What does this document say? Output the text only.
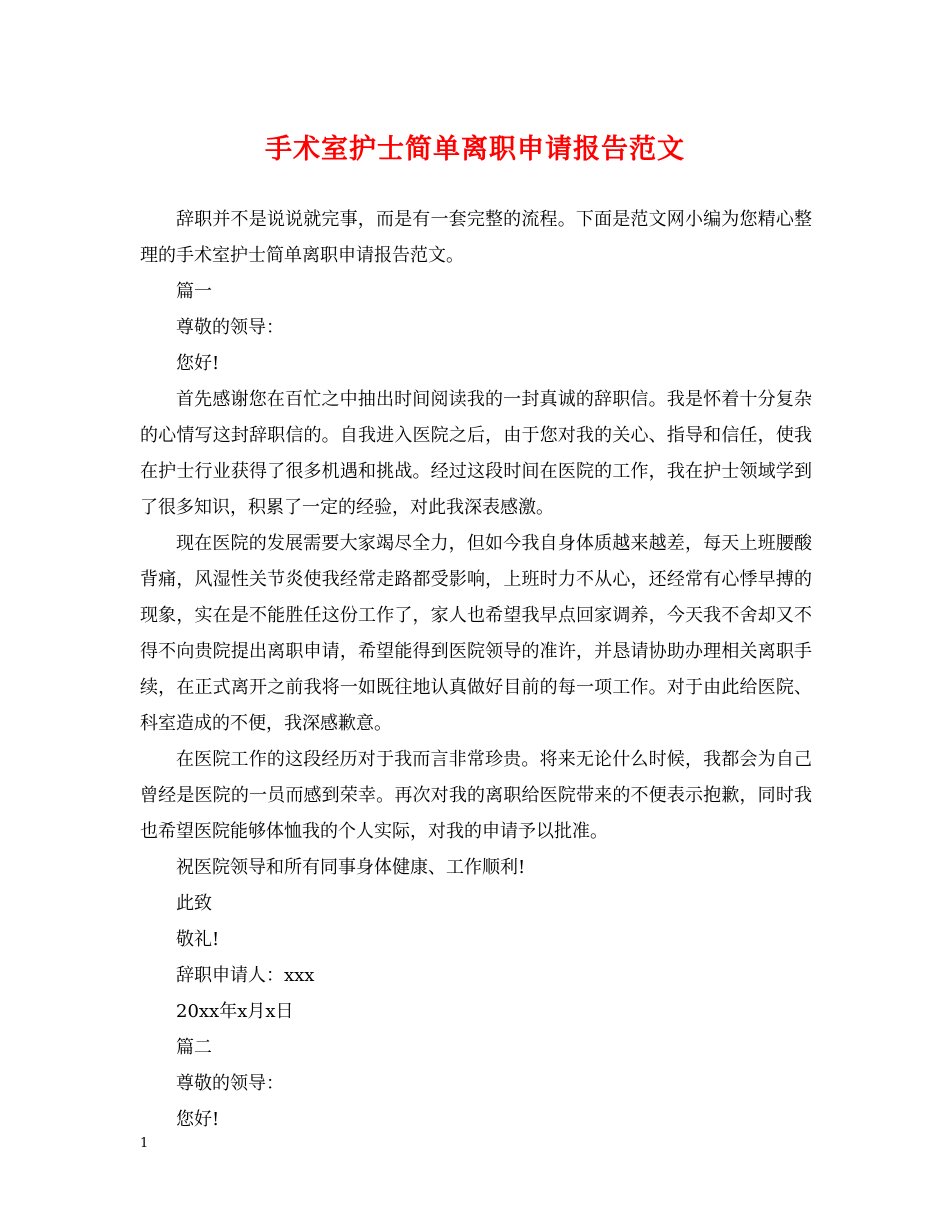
手术室护士简单离职申请报告范文

辞职并不是说说就完事，而是有一套完整的流程。下面是范文网小编为您精心整理的手术室护士简单离职申请报告范文。

篇一

尊敬的领导：

您好!

首先感谢您在百忙之中抽出时间阅读我的一封真诚的辞职信。我是怀着十分复杂的心情写这封辞职信的。自我进入医院之后，由于您对我的关心、指导和信任，使我在护士行业获得了很多机遇和挑战。经过这段时间在医院的工作，我在护士领域学到了很多知识，积累了一定的经验，对此我深表感激。

现在医院的发展需要大家竭尽全力，但如今我自身体质越来越差，每天上班腰酸背痛，风湿性关节炎使我经常走路都受影响，上班时力不从心，还经常有心悸早搏的现象，实在是不能胜任这份工作了，家人也希望我早点回家调养，今天我不舍却又不得不向贵院提出离职申请，希望能得到医院领导的准许，并恳请协助办理相关离职手续，在正式离开之前我将一如既往地认真做好目前的每一项工作。对于由此给医院、科室造成的不便，我深感歉意。

在医院工作的这段经历对于我而言非常珍贵。将来无论什么时候，我都会为自己曾经是医院的一员而感到荣幸。再次对我的离职给医院带来的不便表示抱歉，同时我也希望医院能够体恤我的个人实际，对我的申请予以批准。

祝医院领导和所有同事身体健康、工作顺利!

此致

敬礼!

辞职申请人：xxx

20xx年x月x日

篇二

尊敬的领导：

您好!

1
